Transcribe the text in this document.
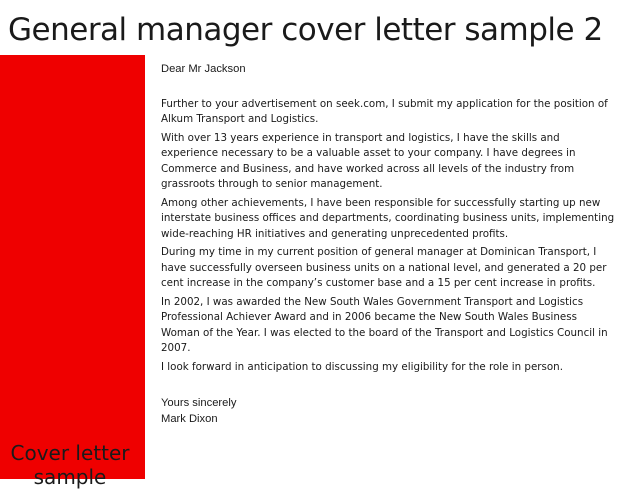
General manager cover letter sample 2
Cover letter
sample

Dear Mr Jackson

Further to your advertisement on seek.com, I submit my application for the position of Alkum Transport and Logistics.

With over 13 years experience in transport and logistics, I have the skills and experience necessary to be a valuable asset to your company. I have degrees in Commerce and Business, and have worked across all levels of the industry from grassroots through to senior management.

Among other achievements, I have been responsible for successfully starting up new interstate business offices and departments, coordinating business units, implementing wide-reaching HR initiatives and generating unprecedented profits.

During my time in my current position of general manager at Dominican Transport, I have successfully overseen business units on a national level, and generated a 20 per cent increase in the company’s customer base and a 15 per cent increase in profits.

In 2002, I was awarded the New South Wales Government Transport and Logistics Professional Achiever Award and in 2006 became the New South Wales Business Woman of the Year. I was elected to the board of the Transport and Logistics Council in 2007.

I look forward in anticipation to discussing my eligibility for the role in person.

Yours sincerely

Mark Dixon
